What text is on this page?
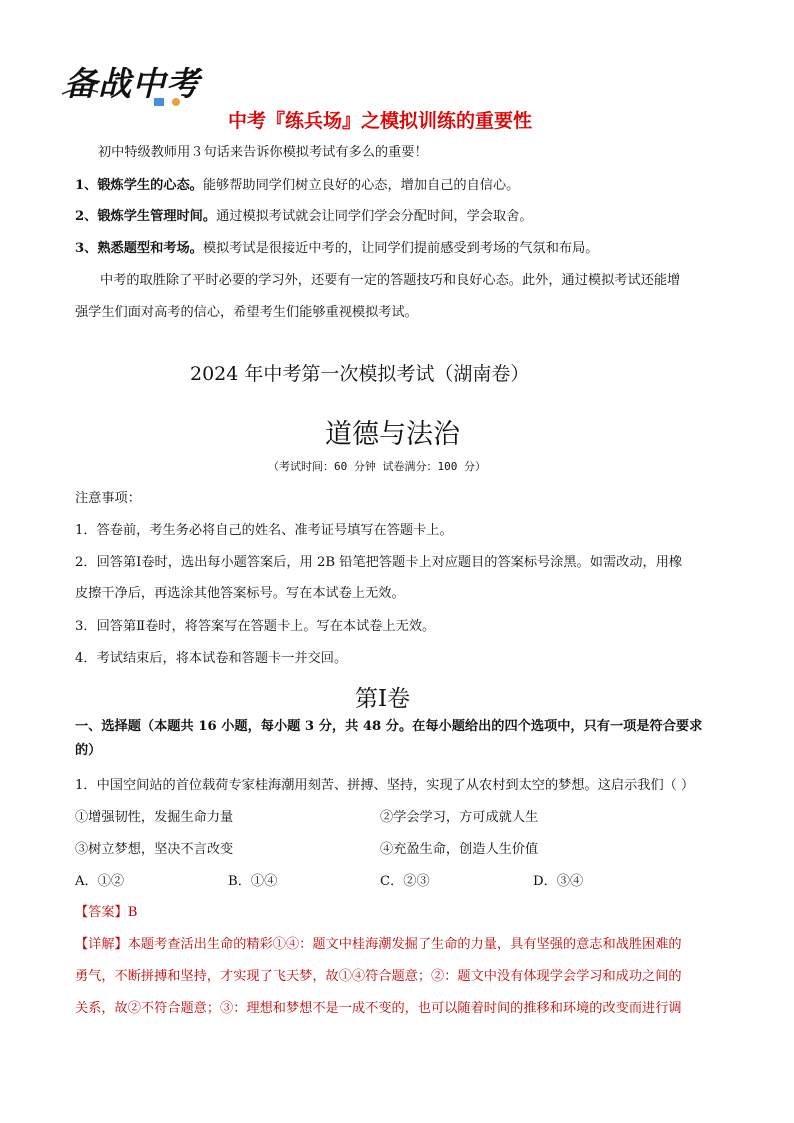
备战中考
中考『练兵场』之模拟训练的重要性
初中特级教师用３句话来告诉你模拟考试有多么的重要！
1、锻炼学生的心态。能够帮助同学们树立良好的心态，增加自己的自信心。
2、锻炼学生管理时间。通过模拟考试就会让同学们学会分配时间，学会取舍。
3、熟悉题型和考场。模拟考试是很接近中考的，让同学们提前感受到考场的气氛和布局。
中考的取胜除了平时必要的学习外，还要有一定的答题技巧和良好心态。此外，通过模拟考试还能增
强学生们面对高考的信心，希望考生们能够重视模拟考试。
2024 年中考第一次模拟考试（湖南卷）
道德与法治
（考试时间：60 分钟 试卷满分：100 分）
注意事项：
1．答卷前，考生务必将自己的姓名、准考证号填写在答题卡上。
2．回答第Ⅰ卷时，选出每小题答案后，用 2B 铅笔把答题卡上对应题目的答案标号涂黑。如需改动，用橡
皮擦干净后，再选涂其他答案标号。写在本试卷上无效。
3．回答第Ⅱ卷时，将答案写在答题卡上。写在本试卷上无效。
4．考试结束后，将本试卷和答题卡一并交回。
第Ⅰ卷
一、选择题（本题共 16 小题，每小题 3 分，共 48 分。在每小题给出的四个选项中，只有一项是符合要求
的）
1．中国空间站的首位载荷专家桂海潮用刻苦、拼搏、坚持，实现了从农村到太空的梦想。这启示我们（ ）
①增强韧性，发掘生命力量	②学会学习，方可成就人生
③树立梦想，坚决不言改变	④充盈生命，创造人生价值
A．①②	B．①④	C．②③	D．③④
【答案】B
【详解】本题考查活出生命的精彩①④：题文中桂海潮发掘了生命的力量，具有坚强的意志和战胜困难的
勇气，不断拼搏和坚持，才实现了飞天梦，故①④符合题意；②：题文中没有体现学会学习和成功之间的
关系，故②不符合题意；③：理想和梦想不是一成不变的，也可以随着时间的推移和环境的改变而进行调
